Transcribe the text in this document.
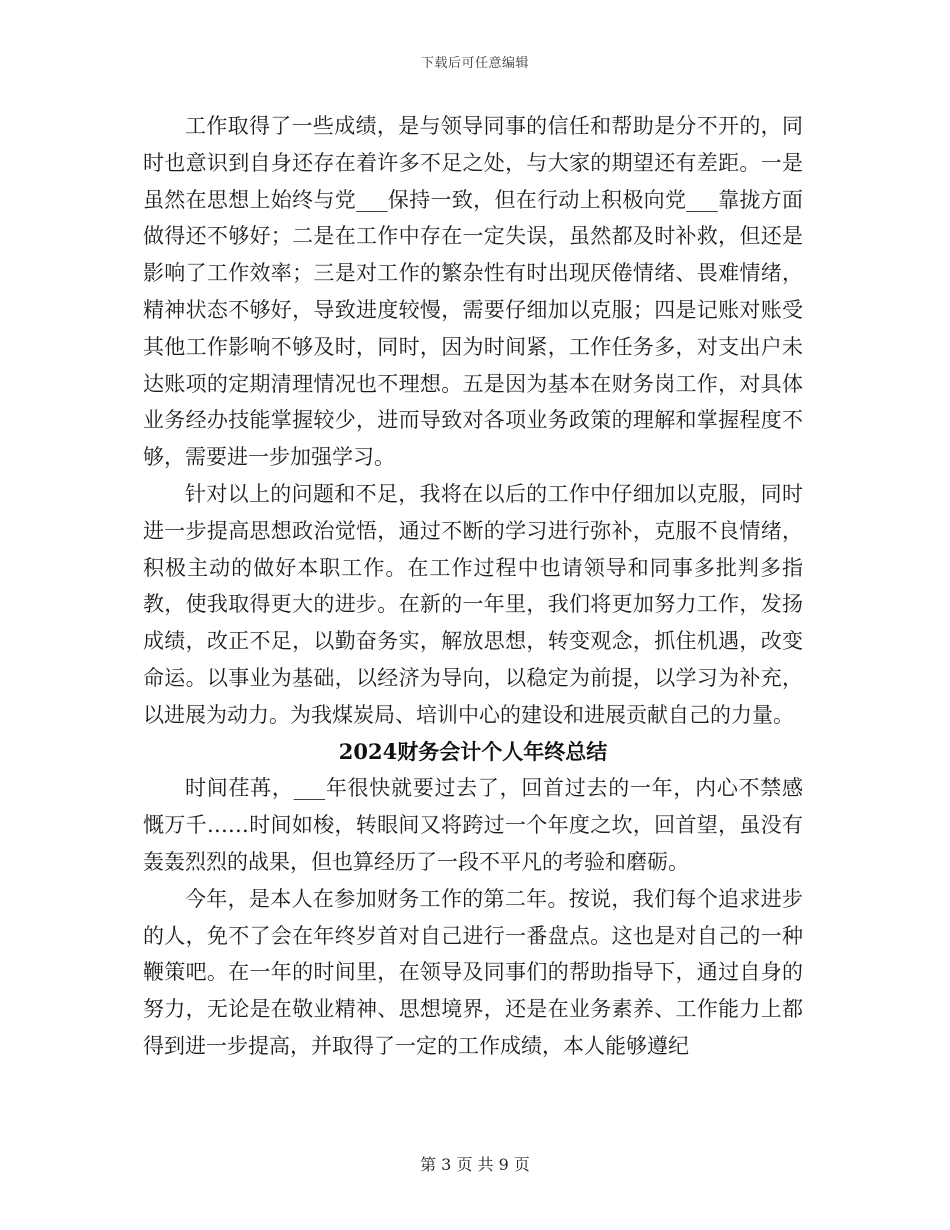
下载后可任意编辑

工作取得了一些成绩，是与领导同事的信任和帮助是分不开的，同时也意识到自身还存在着许多不足之处，与大家的期望还有差距。一是虽然在思想上始终与党___保持一致，但在行动上积极向党___靠拢方面做得还不够好；二是在工作中存在一定失误，虽然都及时补救，但还是影响了工作效率；三是对工作的繁杂性有时出现厌倦情绪、畏难情绪，精神状态不够好，导致进度较慢，需要仔细加以克服；四是记账对账受其他工作影响不够及时，同时，因为时间紧，工作任务多，对支出户未达账项的定期清理情况也不理想。五是因为基本在财务岗工作，对具体业务经办技能掌握较少，进而导致对各项业务政策的理解和掌握程度不够，需要进一步加强学习。

针对以上的问题和不足，我将在以后的工作中仔细加以克服，同时进一步提高思想政治觉悟，通过不断的学习进行弥补，克服不良情绪，积极主动的做好本职工作。在工作过程中也请领导和同事多批判多指教，使我取得更大的进步。在新的一年里，我们将更加努力工作，发扬成绩，改正不足，以勤奋务实，解放思想，转变观念，抓住机遇，改变命运。以事业为基础，以经济为导向，以稳定为前提，以学习为补充，以进展为动力。为我煤炭局、培训中心的建设和进展贡献自己的力量。

2024财务会计个人年终总结

时间荏苒，___年很快就要过去了，回首过去的一年，内心不禁感慨万千……时间如梭，转眼间又将跨过一个年度之坎，回首望，虽没有轰轰烈烈的战果，但也算经历了一段不平凡的考验和磨砺。

今年，是本人在参加财务工作的第二年。按说，我们每个追求进步的人，免不了会在年终岁首对自己进行一番盘点。这也是对自己的一种鞭策吧。在一年的时间里，在领导及同事们的帮助指导下，通过自身的努力，无论是在敬业精神、思想境界，还是在业务素养、工作能力上都得到进一步提高，并取得了一定的工作成绩，本人能够遵纪

第 3 页 共 9 页
